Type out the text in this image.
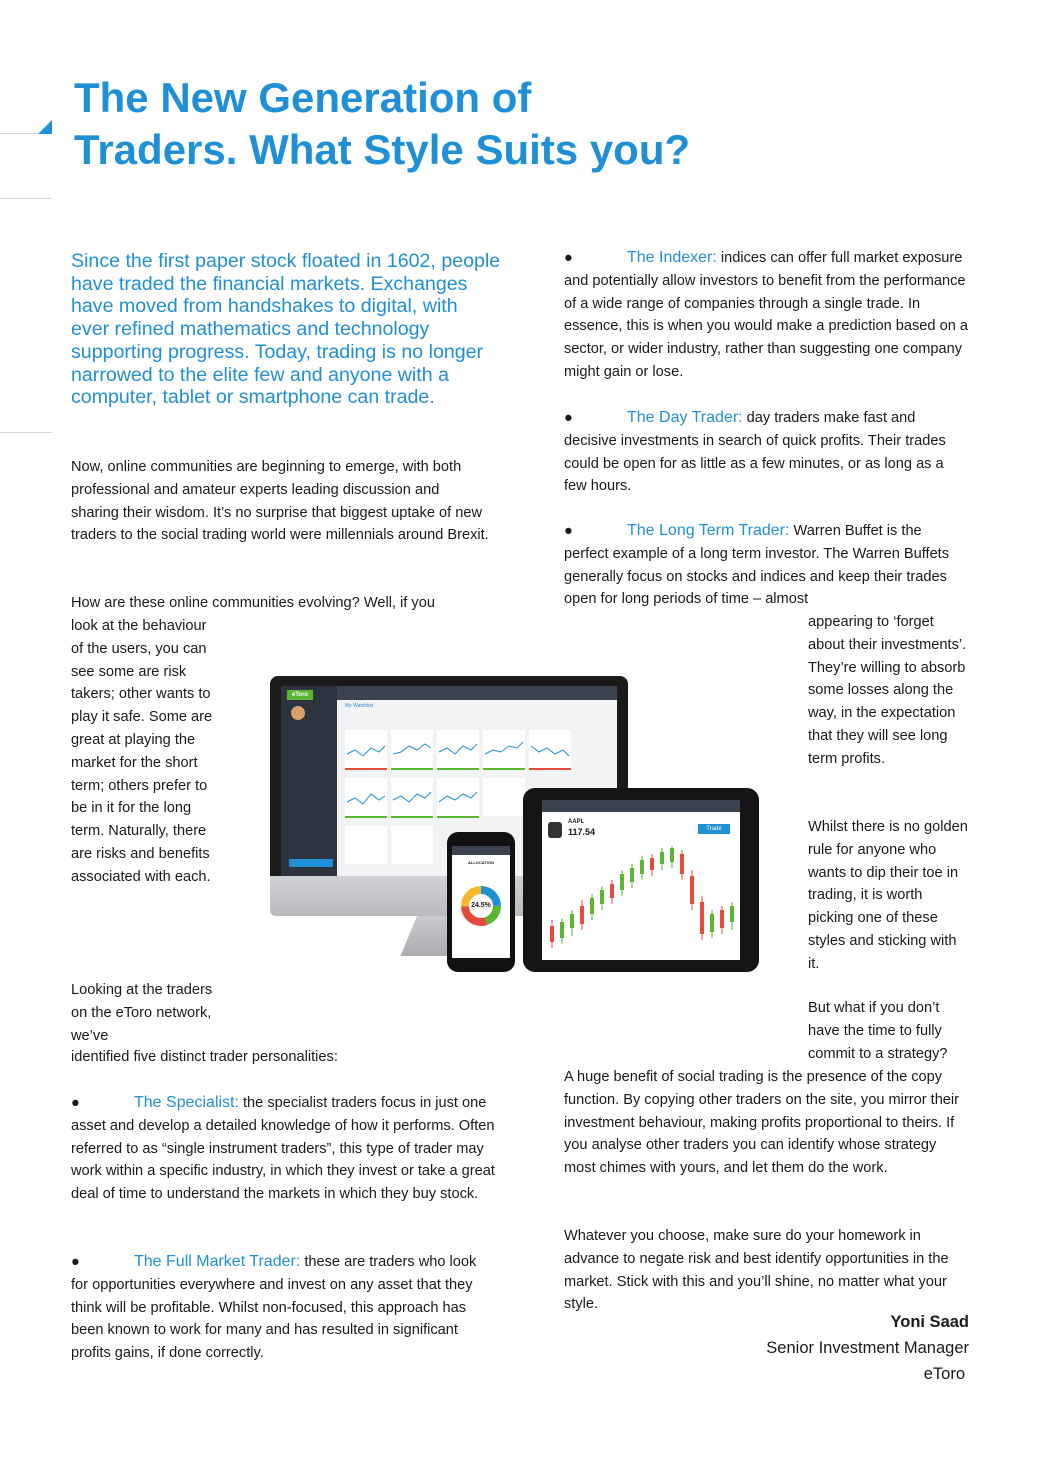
The New Generation of
Traders. What Style Suits you?

Since the first paper stock floated in 1602, people have traded the financial markets. Exchanges have moved from handshakes to digital, with ever refined mathematics and technology supporting progress. Today, trading is no longer narrowed to the elite few and anyone with a computer, tablet or smartphone can trade.

Now, online communities are beginning to emerge, with both professional and amateur experts leading discussion and sharing their wisdom. It’s no surprise that biggest uptake of new traders to the social trading world were millennials around Brexit.

How are these online communities evolving? Well, if you

look at the behaviour of the users, you can see some are risk takers; other wants to play it safe. Some are great at playing the market for the short term; others prefer to be in it for the long term. Naturally, there are risks and benefits associated with each.

Looking at the traders on the eToro network, we’ve

identified five distinct trader personalities:

●	The Specialist: the specialist traders focus in just one asset and develop a detailed knowledge of how it performs. Often referred to as “single instrument traders”, this type of trader may work within a specific industry, in which they invest or take a great deal of time to understand the markets in which they buy stock.

●	The Full Market Trader: these are traders who look for opportunities everywhere and invest on any asset that they think will be profitable. Whilst non-focused, this approach has been known to work for many and has resulted in significant profits gains, if done correctly.

●	The Indexer: indices can offer full market exposure and potentially allow investors to benefit from the performance of a wide range of companies through a single trade. In essence, this is when you would make a prediction based on a sector, or wider industry, rather than suggesting one company might gain or lose.

●	The Day Trader: day traders make fast and decisive investments in search of quick profits. Their trades could be open for as little as a few minutes, or as long as a few hours.

●	The Long Term Trader: Warren Buffet is the perfect example of a long term investor. The Warren Buffets generally focus on stocks and indices and keep their trades open for long periods of time – almost

appearing to ‘forget about their investments’. They’re willing to absorb some losses along the way, in the expectation that they will see long term profits.

Whilst there is no golden rule for anyone who wants to dip their toe in trading, it is worth picking one of these styles and sticking with it.

But what if you don’t have the time to fully commit to a strategy?

A huge benefit of social trading is the presence of the copy function. By copying other traders on the site, you mirror their investment behaviour, making profits proportional to theirs. If you analyse other traders you can identify whose strategy most chimes with yours, and let them do the work.

Whatever you choose, make sure do your homework in advance to negate risk and best identify opportunities in the market. Stick with this and you’ll shine, no matter what your style.

Yoni Saad
Senior Investment Manager
eToro
eToro
My Watchlist
AAPL
117.54	Trade
ALLOCATION
24.5%
